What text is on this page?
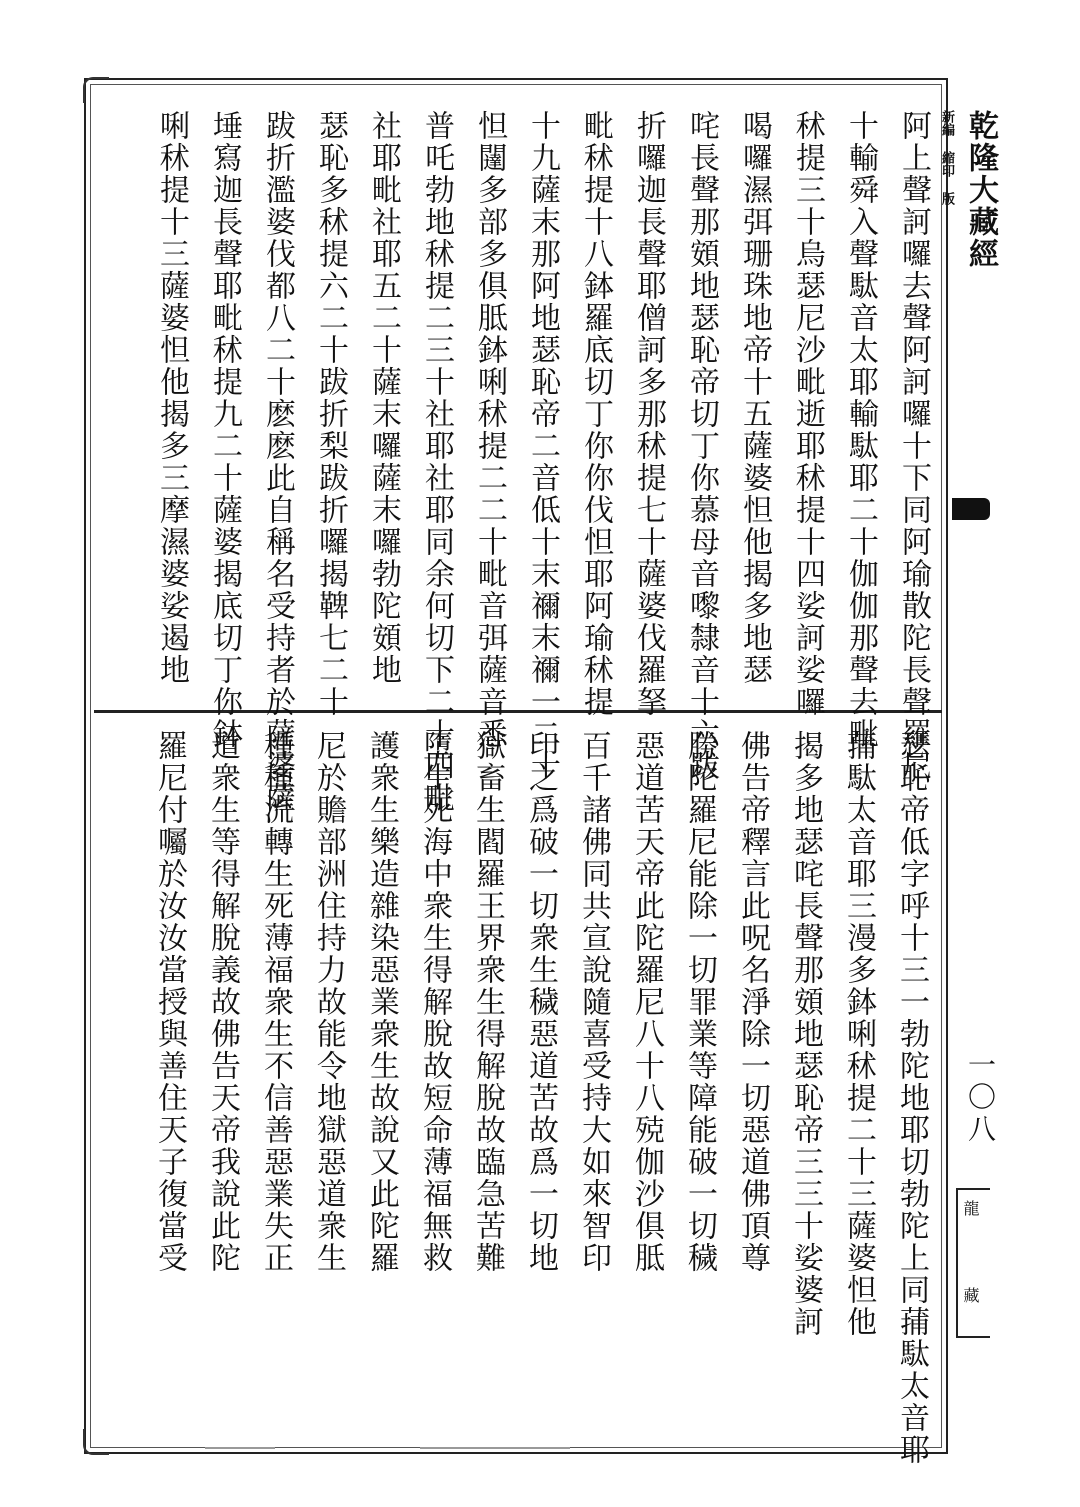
新編 縮印 版 乾隆大藏經
一〇八
龍 藏
阿上聲訶囉去聲阿訶囉十下同阿瑜散陀長聲羅尼
十輸舜入聲駄音太耶輸駄耶二十伽伽那聲去毗
秫提三十烏瑟尼沙毗逝耶秫提十四娑訶娑囉
喝囉濕弭珊珠地帝十五薩婆怛他揭多地瑟
咤長聲那頞地瑟恥帝切丁你慕母音嚟隸音十六跋
折囉迦長聲耶僧訶多那秫提七十薩婆伐羅拏
毗秫提十八鉢羅底切丁你你伐怛耶阿瑜秫提
十九薩末那阿地瑟恥帝二音低十末禰末禰一二十
怛闥多部多俱胝鉢唎秫提二二十毗音弭薩音悉
普吒勃地秫提二三十社耶社耶同余何切下二十四毗
社耶毗社耶五二十薩末囉薩末囉勃陀頞地
瑟恥多秫提六二十跋折梨跋折囉揭鞞七二十
跋折濫婆伐都八二十麽麽此自稱名受持者於薩婆薩
埵寫迦長聲耶毗秫提九二十薩婆揭底切丁你鉢
唎秫提十三薩婆怛他揭多三摩濕婆娑遏地
瑟恥帝低字呼十三一勃陀地耶切勃陀上同蒱駄太音耶
蒱駄太音耶三漫多鉢唎秫提二十三薩婆怛他
揭多地瑟咤長聲那頞地瑟恥帝三三十娑婆訶
佛告帝釋言此呪名淨除一切惡道佛頂尊
勝陀羅尼能除一切罪業等障能破一切穢
惡道苦天帝此陀羅尼八十八殑伽沙俱胝
百千諸佛同共宣說隨喜受持大如來智印
印之爲破一切衆生穢惡道苦故爲一切地
獄畜生閻羅王界衆生得解脫故臨急苦難
墮生死海中衆生得解脫故短命薄福無救
護衆生樂造雜染惡業衆生故說又此陀羅
尼於贍部洲住持力故能令地獄惡道衆生
種種流轉生死薄福衆生不信善惡業失正
道衆生等得解脫義故佛告天帝我說此陀
羅尼付囑於汝汝當授與善住天子復當受
